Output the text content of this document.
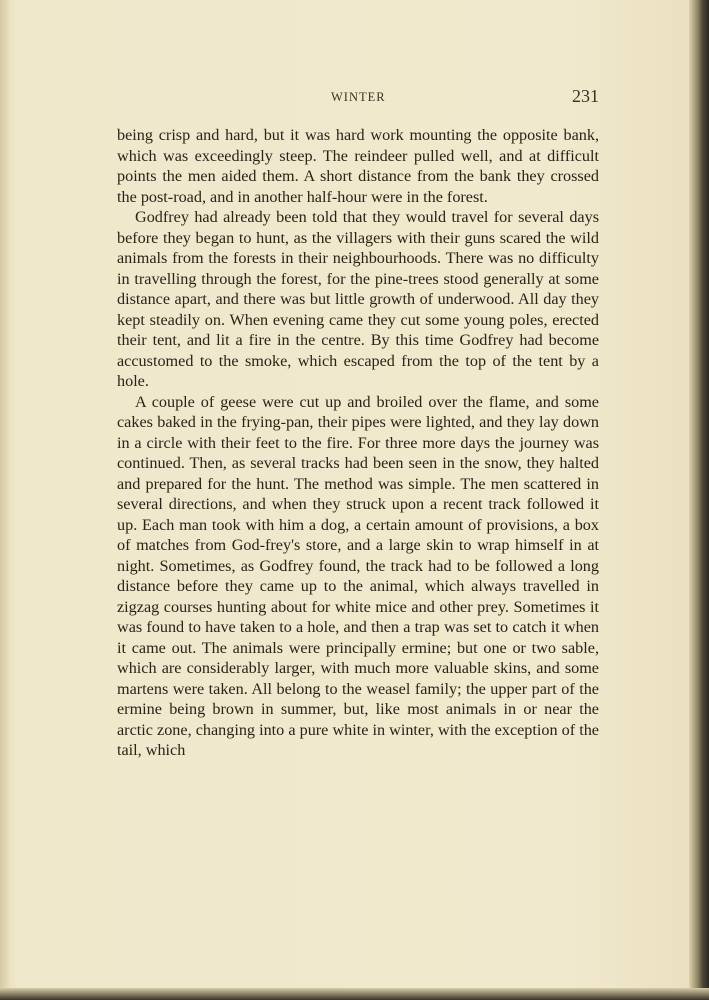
WINTER	231

being crisp and hard, but it was hard work mounting the opposite bank, which was exceedingly steep. The reindeer pulled well, and at difficult points the men aided them. A short distance from the bank they crossed the post-road, and in another half-hour were in the forest.

Godfrey had already been told that they would travel for several days before they began to hunt, as the villagers with their guns scared the wild animals from the forests in their neighbourhoods. There was no difficulty in travelling through the forest, for the pine-trees stood generally at some distance apart, and there was but little growth of underwood. All day they kept steadily on. When evening came they cut some young poles, erected their tent, and lit a fire in the centre. By this time Godfrey had become accustomed to the smoke, which escaped from the top of the tent by a hole.

A couple of geese were cut up and broiled over the flame, and some cakes baked in the frying-pan, their pipes were lighted, and they lay down in a circle with their feet to the fire. For three more days the journey was continued. Then, as several tracks had been seen in the snow, they halted and prepared for the hunt. The method was simple. The men scattered in several directions, and when they struck upon a recent track followed it up. Each man took with him a dog, a certain amount of provisions, a box of matches from God-frey's store, and a large skin to wrap himself in at night. Sometimes, as Godfrey found, the track had to be followed a long distance before they came up to the animal, which always travelled in zigzag courses hunting about for white mice and other prey. Sometimes it was found to have taken to a hole, and then a trap was set to catch it when it came out. The animals were principally ermine; but one or two sable, which are considerably larger, with much more valuable skins, and some martens were taken. All belong to the weasel family; the upper part of the ermine being brown in summer, but, like most animals in or near the arctic zone, changing into a pure white in winter, with the exception of the tail, which
